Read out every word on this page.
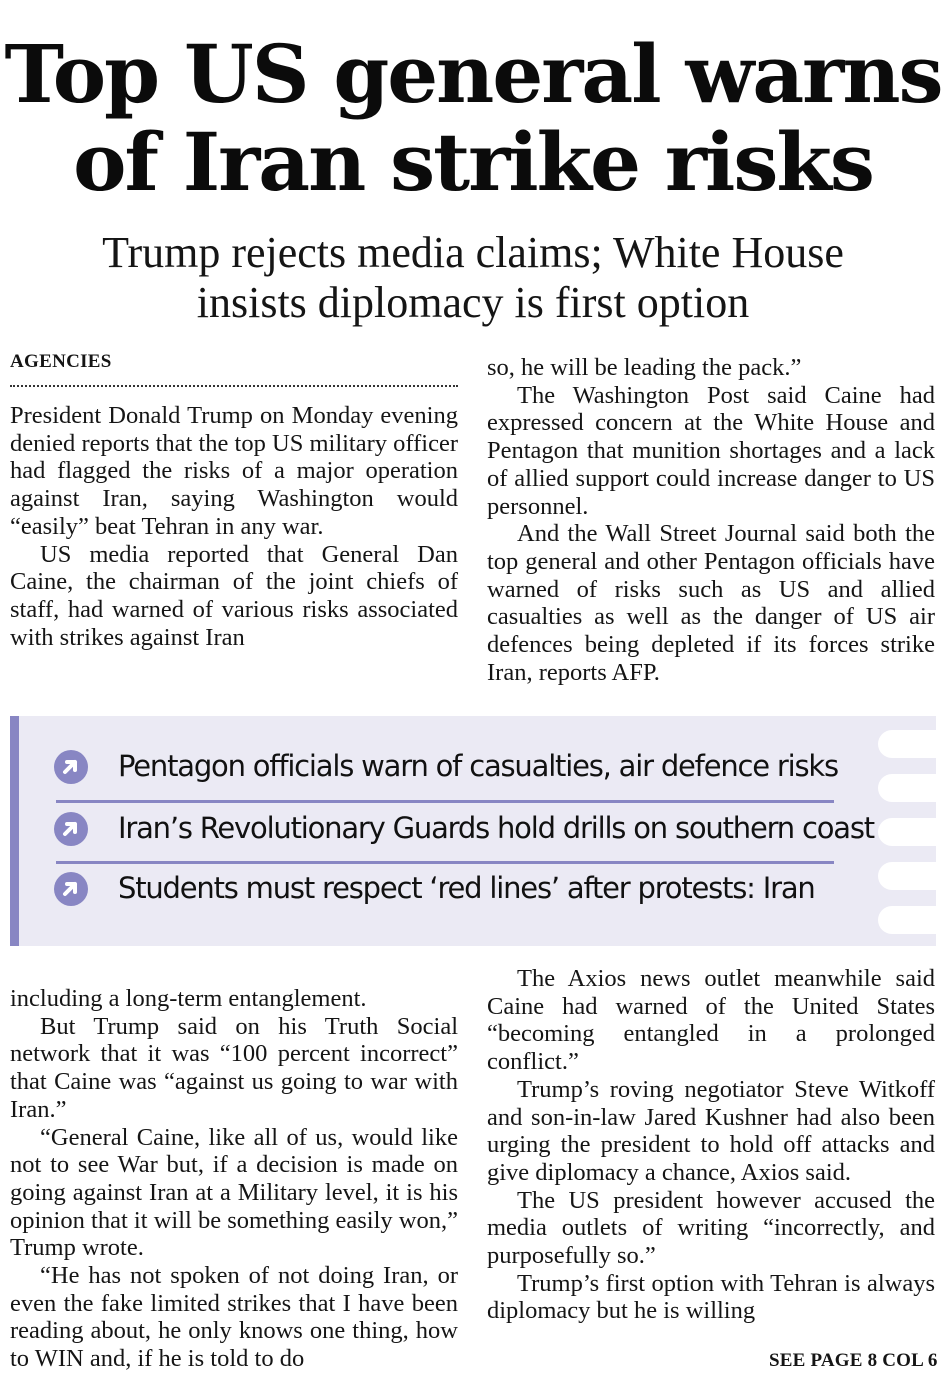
Top US general warns
of Iran strike risks
Trump rejects media claims; White House
insists diplomacy is first option
AGENCIES

President Donald Trump on Monday evening denied reports that the top US military officer had flagged the risks of a major operation against Iran, saying Washington would “easily” beat Tehran in any war.

US media reported that General Dan Caine, the chairman of the joint chiefs of staff, had warned of various risks associated with strikes against Iran

so, he will be leading the pack.”

The Washington Post said Caine had expressed concern at the White House and Pentagon that munition shortages and a lack of allied support could increase danger to US personnel.

And the Wall Street Journal said both the top general and other Pentagon officials have warned of risks such as US and allied casualties as well as the danger of US air defences being depleted if its forces strike Iran, reports AFP.

Pentagon officials warn of casualties, air defence risks
Iran’s Revolutionary Guards hold drills on southern coast
Students must respect ‘red lines’ after protests: Iran

including a long-term entanglement.

But Trump said on his Truth Social network that it was “100 percent incorrect” that Caine was “against us going to war with Iran.”

“General Caine, like all of us, would like not to see War but, if a decision is made on going against Iran at a Military level, it is his opinion that it will be something easily won,” Trump wrote.

“He has not spoken of not doing Iran, or even the fake limited strikes that I have been reading about, he only knows one thing, how to WIN and, if he is told to do

The Axios news outlet meanwhile said Caine had warned of the United States “becoming entangled in a prolonged conflict.”

Trump’s roving negotiator Steve Witkoff and son-in-law Jared Kushner had also been urging the president to hold off attacks and give diplomacy a chance, Axios said.

The US president however accused the media outlets of writing “incorrectly, and purposefully so.”

Trump’s first option with Tehran is always diplomacy but he is willing

SEE PAGE 8 COL 6
